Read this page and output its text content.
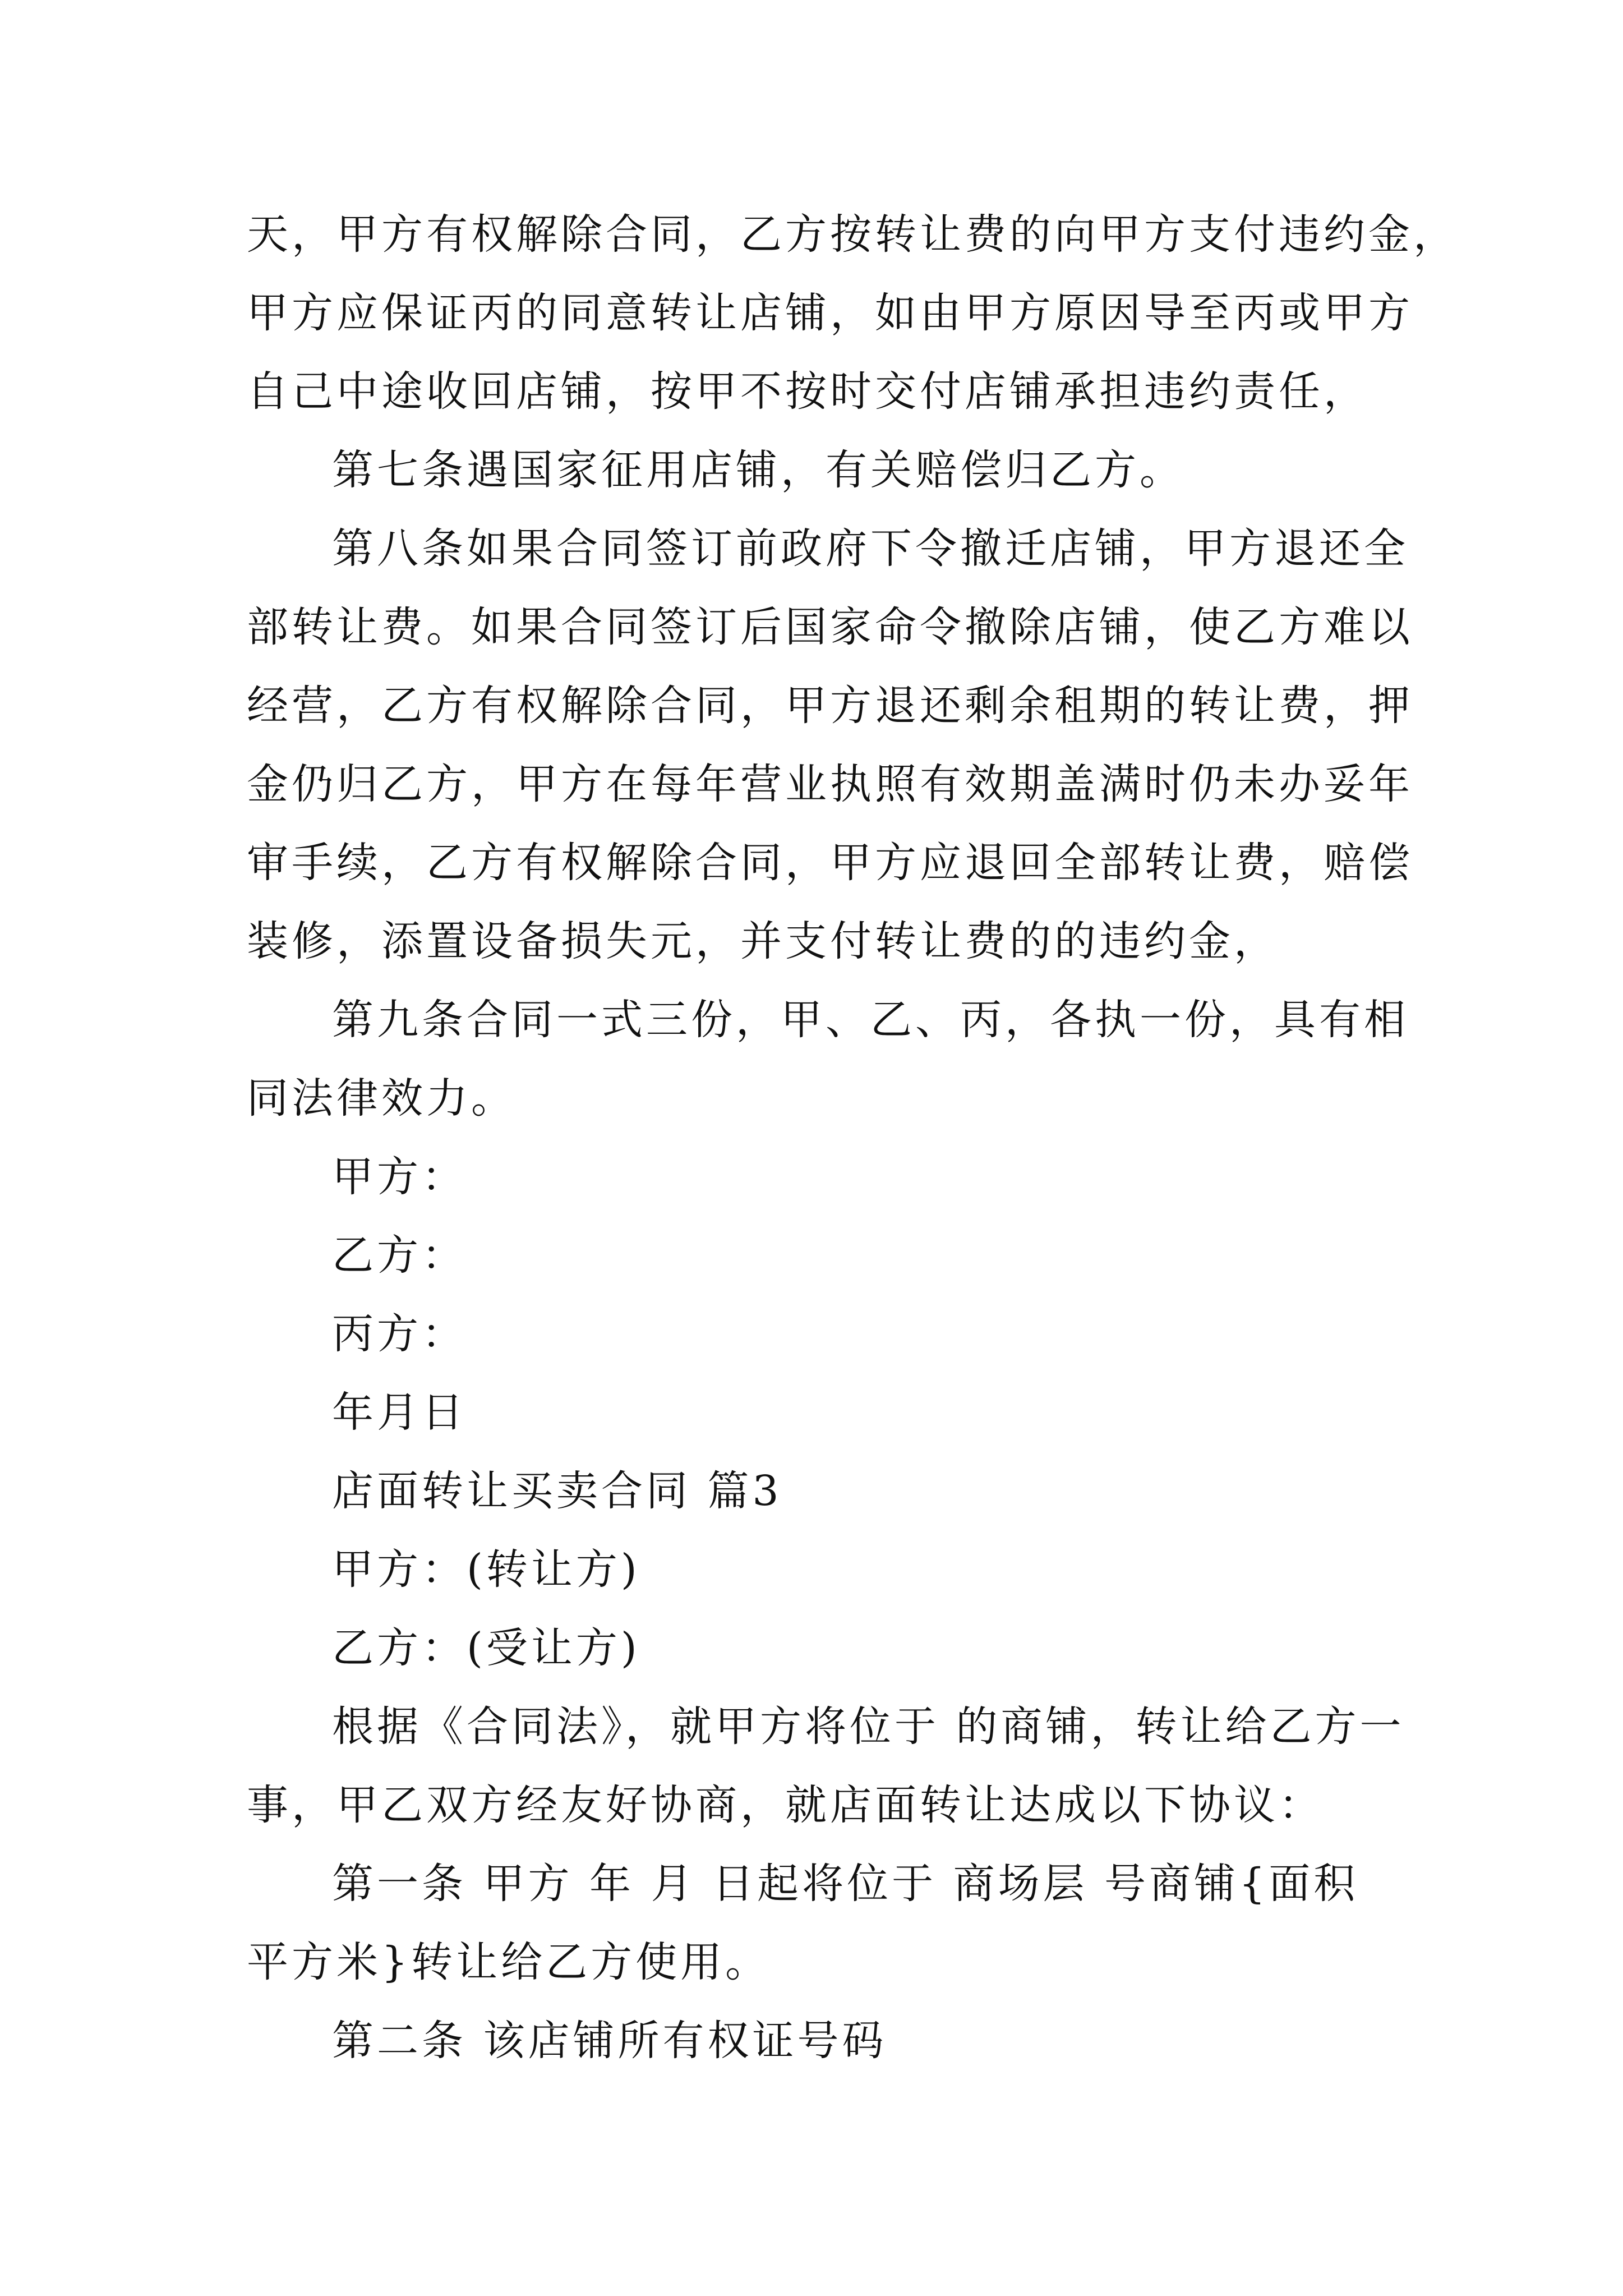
天，甲方有权解除合同，乙方按转让费的向甲方支付违约金，
甲方应保证丙的同意转让店铺，如由甲方原因导至丙或甲方
自己中途收回店铺，按甲不按时交付店铺承担违约责任，

第七条遇国家征用店铺，有关赔偿归乙方。

第八条如果合同签订前政府下令撤迁店铺，甲方退还全
部转让费。如果合同签订后国家命令撤除店铺，使乙方难以
经营，乙方有权解除合同，甲方退还剩余租期的转让费，押
金仍归乙方，甲方在每年营业执照有效期盖满时仍未办妥年
审手续，乙方有权解除合同，甲方应退回全部转让费，赔偿
装修，添置设备损失元，并支付转让费的的违约金，

第九条合同一式三份，甲、乙、丙，各执一份，具有相
同法律效力。

甲方：

乙方：

丙方：

年月日

店面转让买卖合同 篇3

甲方：(转让方)

乙方：(受让方)

根据《合同法》，就甲方将位于 的商铺，转让给乙方一
事，甲乙双方经友好协商，就店面转让达成以下协议：

第一条 甲方 年 月 日起将位于 商场层 号商铺{面积
平方米}转让给乙方使用。

第二条 该店铺所有权证号码
